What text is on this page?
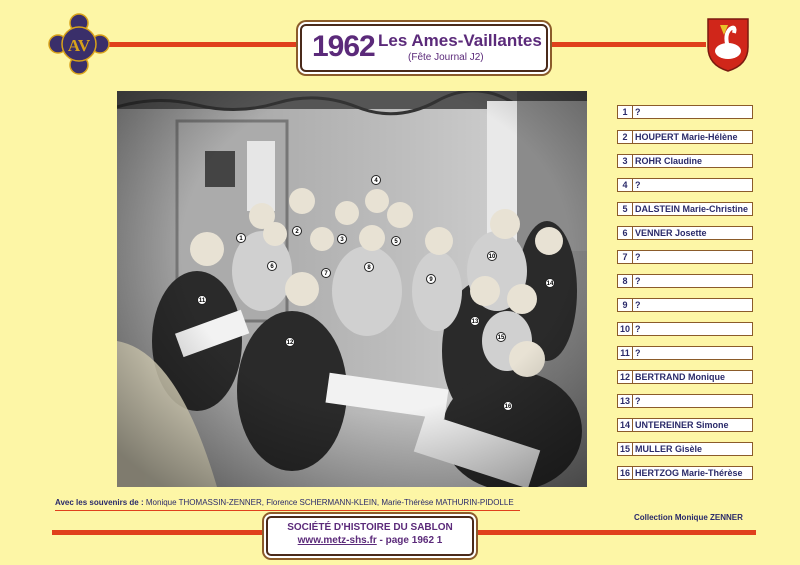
AV	1962 Les Ames-Vaillantes
(Fête Journal J2)
1
2
3
4
5
6
7
8
9
10
11
12
13
14
15
16
1 ?
2 HOUPERT Marie-Hélène
3 ROHR Claudine
4 ?
5 DALSTEIN Marie-Christine
6 VENNER Josette
7 ?
8 ?
9 ?
10 ?
11 ?
12 BERTRAND Monique
13 ?
14 UNTEREINER Simone
15 MULLER Gisèle
16 HERTZOG Marie-Thérèse
Avec les souvenirs de : Monique THOMASSIN-ZENNER, Florence SCHERMANN-KLEIN, Marie-Thérèse MATHURIN-PIDOLLE
Collection Monique ZENNER
SOCIÉTÉ D'HISTOIRE DU SABLON
www.metz-shs.fr - page 1962 1
